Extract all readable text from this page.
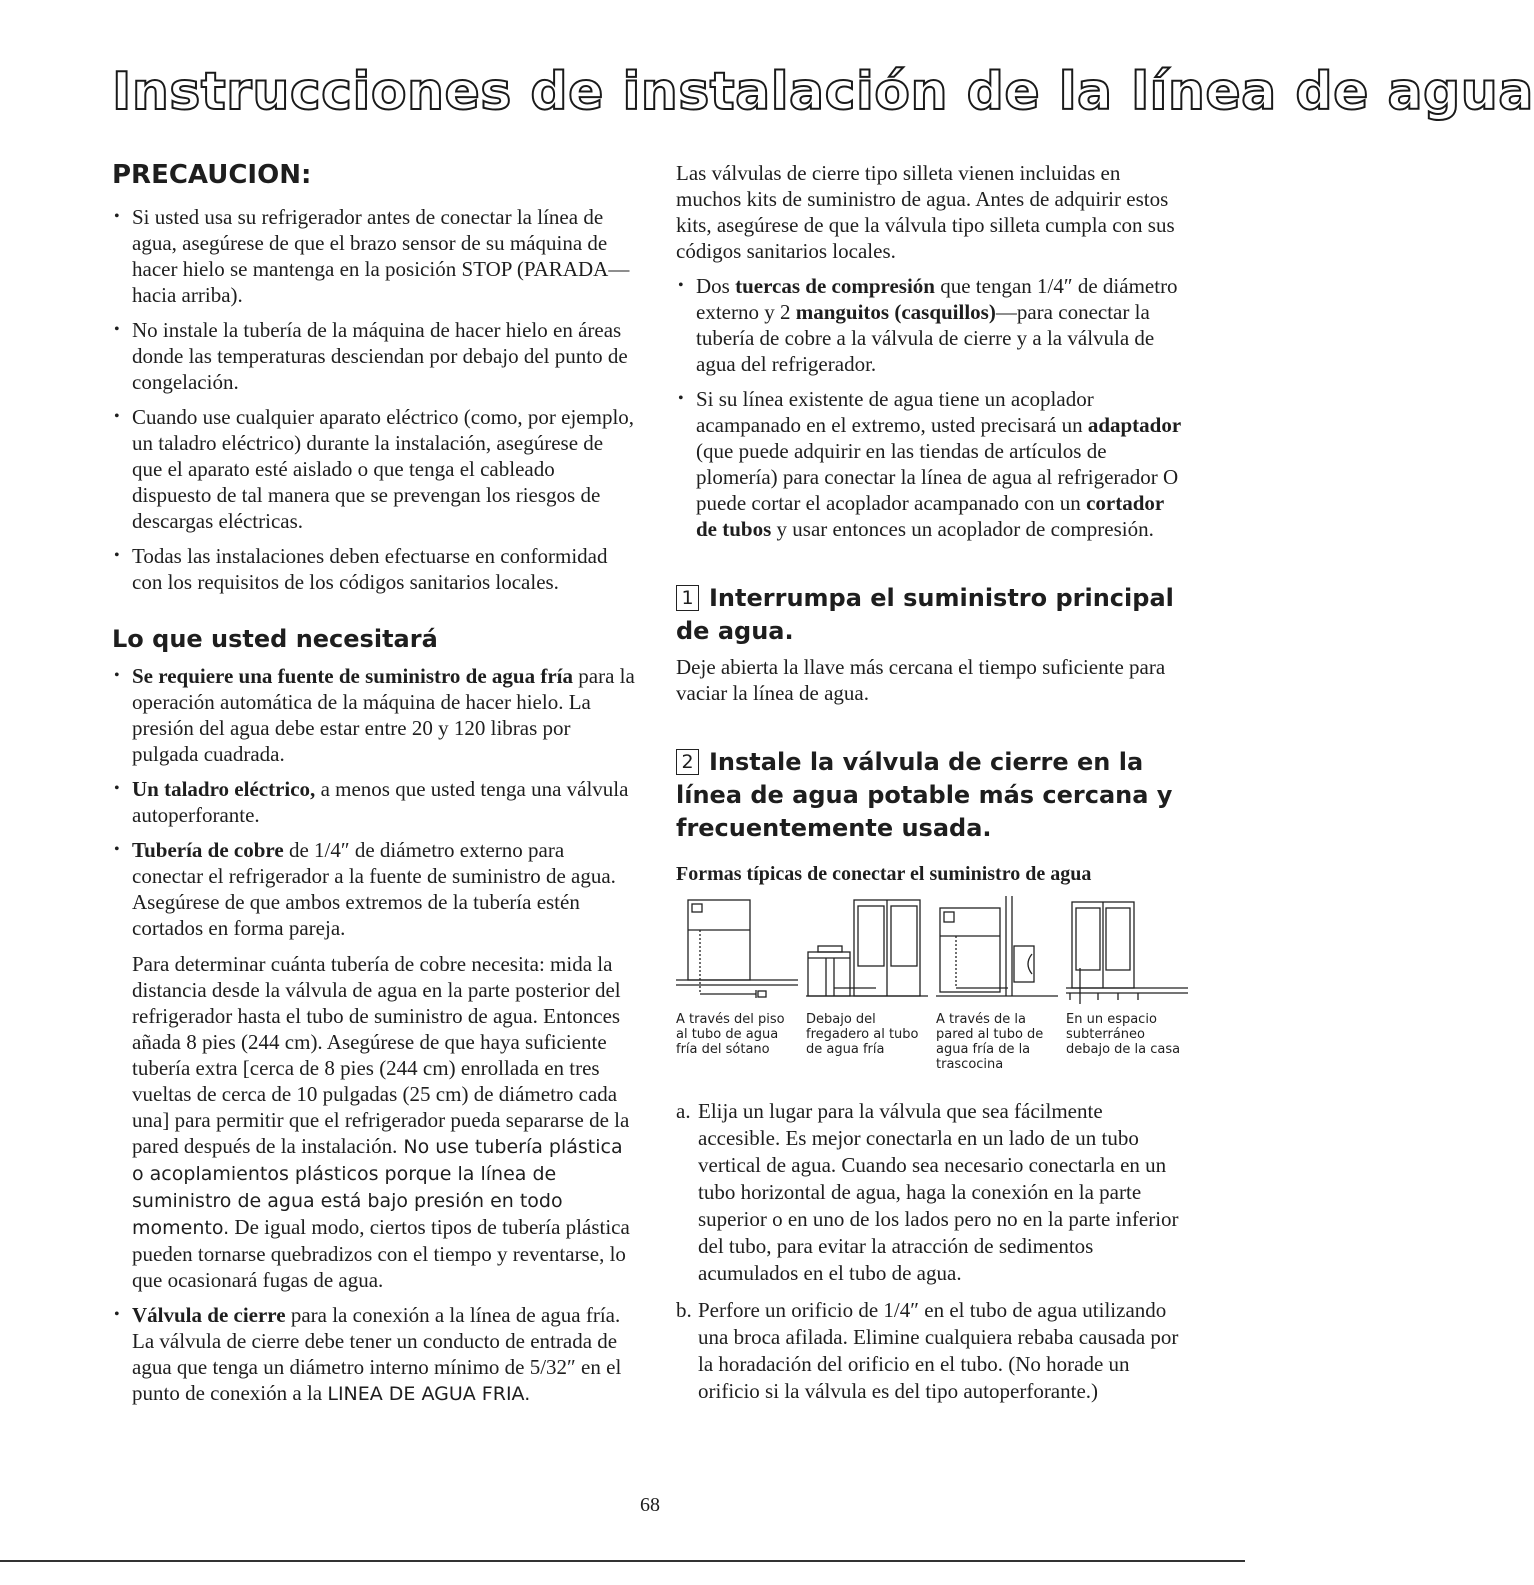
Instrucciones de instalación de la línea de agua
PRECAUCION:
• Si usted usa su refrigerador antes de conectar la línea de agua, asegúrese de que el brazo sensor de su máquina de hacer hielo se mantenga en la posición STOP (PARADA—hacia arriba).
• No instale la tubería de la máquina de hacer hielo en áreas donde las temperaturas desciendan por debajo del punto de congelación.
• Cuando use cualquier aparato eléctrico (como, por ejemplo, un taladro eléctrico) durante la instalación, asegúrese de que el aparato esté aislado o que tenga el cableado dispuesto de tal manera que se prevengan los riesgos de descargas eléctricas.
• Todas las instalaciones deben efectuarse en conformidad con los requisitos de los códigos sanitarios locales.
Lo que usted necesitará
• Se requiere una fuente de suministro de agua fría para la operación automática de la máquina de hacer hielo. La presión del agua debe estar entre 20 y 120 libras por pulgada cuadrada.
• Un taladro eléctrico, a menos que usted tenga una válvula autoperforante.
• Tubería de cobre de 1/4″ de diámetro externo para conectar el refrigerador a la fuente de suministro de agua. Asegúrese de que ambos extremos de la tubería estén cortados en forma pareja.

Para determinar cuánta tubería de cobre necesita: mida la distancia desde la válvula de agua en la parte posterior del refrigerador hasta el tubo de suministro de agua. Entonces añada 8 pies (244 cm). Asegúrese de que haya suficiente tubería extra [cerca de 8 pies (244 cm) enrollada en tres vueltas de cerca de 10 pulgadas (25 cm) de diámetro cada una] para permitir que el refrigerador pueda separarse de la pared después de la instalación. No use tubería plástica o acoplamientos plásticos porque la línea de suministro de agua está bajo presión en todo momento. De igual modo, ciertos tipos de tubería plástica pueden tornarse quebradizos con el tiempo y reventarse, lo que ocasionará fugas de agua.

• Válvula de cierre para la conexión a la línea de agua fría. La válvula de cierre debe tener un conducto de entrada de agua que tenga un diámetro interno mínimo de 5/32″ en el punto de conexión a la LINEA DE AGUA FRIA.

Las válvulas de cierre tipo silleta vienen incluidas en muchos kits de suministro de agua. Antes de adquirir estos kits, asegúrese de que la válvula tipo silleta cumpla con sus códigos sanitarios locales.

• Dos tuercas de compresión que tengan 1/4″ de diámetro externo y 2 manguitos (casquillos)—para conectar la tubería de cobre a la válvula de cierre y a la válvula de agua del refrigerador.
• Si su línea existente de agua tiene un acoplador acampanado en el extremo, usted precisará un adaptador (que puede adquirir en las tiendas de artículos de plomería) para conectar la línea de agua al refrigerador O puede cortar el acoplador acampanado con un cortador de tubos y usar entonces un acoplador de compresión.
1 Interrumpa el suministro principal de agua.

Deje abierta la llave más cercana el tiempo suficiente para vaciar la línea de agua.

2 Instale la válvula de cierre en la línea de agua potable más cercana y frecuentemente usada.
Formas típicas de conectar el suministro de agua
A través del piso al tubo de agua fría del sótano
Debajo del fregadero al tubo de agua fría
A través de la pared al tubo de agua fría de la trascocina
En un espacio subterráneo debajo de la casa
a. Elija un lugar para la válvula que sea fácilmente accesible. Es mejor conectarla en un lado de un tubo vertical de agua. Cuando sea necesario conectarla en un tubo horizontal de agua, haga la conexión en la parte superior o en uno de los lados pero no en la parte inferior del tubo, para evitar la atracción de sedimentos acumulados en el tubo de agua.
b. Perfore un orificio de 1/4″ en el tubo de agua utilizando una broca afilada. Elimine cualquiera rebaba causada por la horadación del orificio en el tubo. (No horade un orificio si la válvula es del tipo autoperforante.)
68
